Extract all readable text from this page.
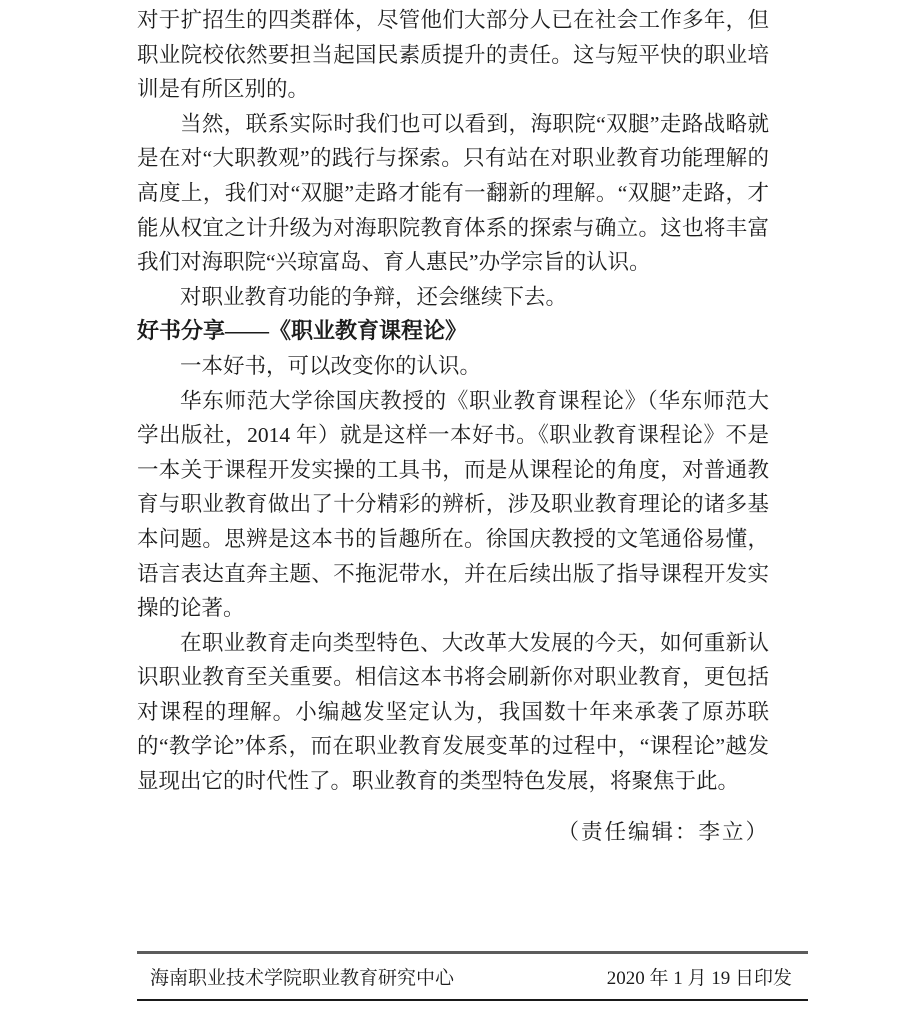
对于扩招生的四类群体，尽管他们大部分人已在社会工作多年，但职业院校依然要担当起国民素质提升的责任。这与短平快的职业培训是有所区别的。

当然，联系实际时我们也可以看到，海职院“双腿”走路战略就是在对“大职教观”的践行与探索。只有站在对职业教育功能理解的高度上，我们对“双腿”走路才能有一翻新的理解。“双腿”走路，才能从权宜之计升级为对海职院教育体系的探索与确立。这也将丰富我们对海职院“兴琼富岛、育人惠民”办学宗旨的认识。

对职业教育功能的争辩，还会继续下去。

好书分享——《职业教育课程论》

一本好书，可以改变你的认识。

华东师范大学徐国庆教授的《职业教育课程论》（华东师范大学出版社，2014 年）就是这样一本好书。《职业教育课程论》不是一本关于课程开发实操的工具书，而是从课程论的角度，对普通教育与职业教育做出了十分精彩的辨析，涉及职业教育理论的诸多基本问题。思辨是这本书的旨趣所在。徐国庆教授的文笔通俗易懂，语言表达直奔主题、不拖泥带水，并在后续出版了指导课程开发实操的论著。

在职业教育走向类型特色、大改革大发展的今天，如何重新认识职业教育至关重要。相信这本书将会刷新你对职业教育，更包括对课程的理解。小编越发坚定认为，我国数十年来承袭了原苏联的“教学论”体系，而在职业教育发展变革的过程中，“课程论”越发显现出它的时代性了。职业教育的类型特色发展，将聚焦于此。

（责任编辑：李立）

海南职业技术学院职业教育研究中心	2020 年 1 月 19 日印发
